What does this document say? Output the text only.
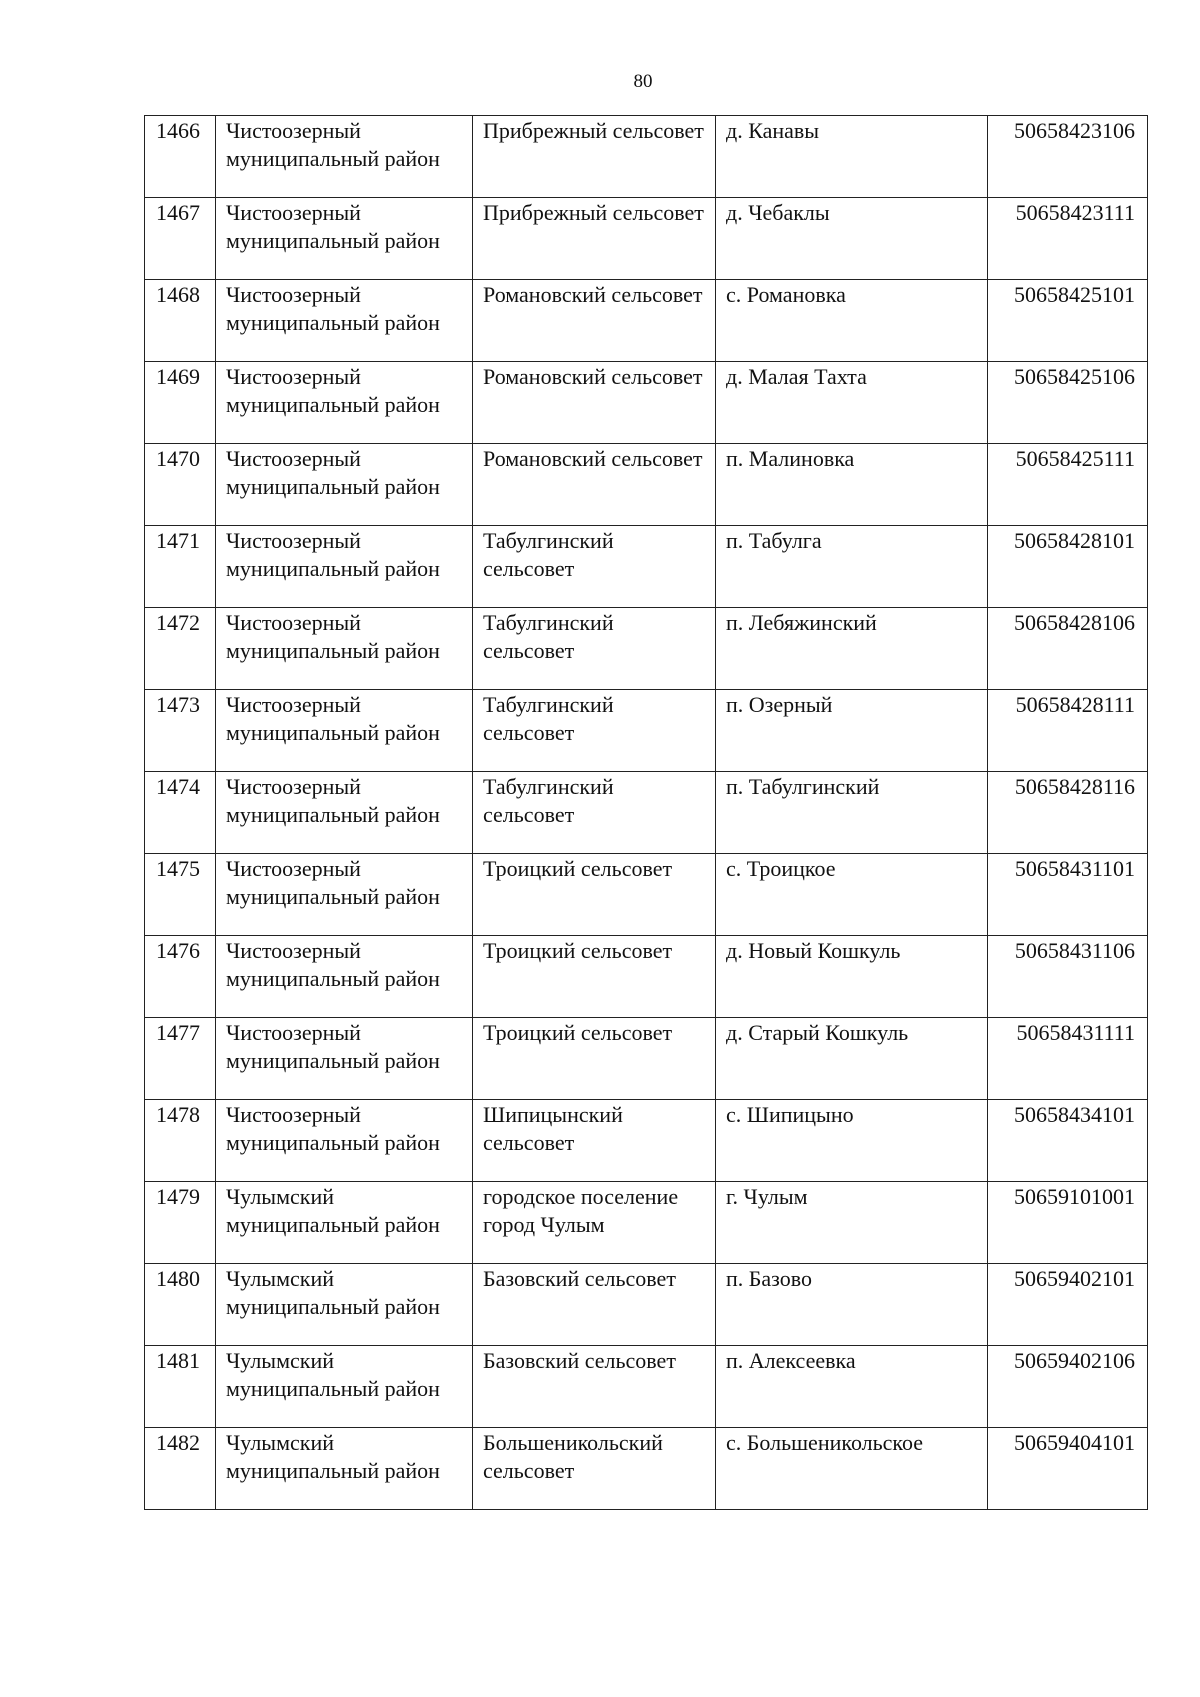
80
1466	Чистоозерный муниципальный район	Прибрежный сельсовет	д. Канавы	50658423106
1467	Чистоозерный муниципальный район	Прибрежный сельсовет	д. Чебаклы	50658423111
1468	Чистоозерный муниципальный район	Романовский сельсовет	с. Романовка	50658425101
1469	Чистоозерный муниципальный район	Романовский сельсовет	д. Малая Тахта	50658425106
1470	Чистоозерный муниципальный район	Романовский сельсовет	п. Малиновка	50658425111
1471	Чистоозерный муниципальный район	Табулгинский сельсовет	п. Табулга	50658428101
1472	Чистоозерный муниципальный район	Табулгинский сельсовет	п. Лебяжинский	50658428106
1473	Чистоозерный муниципальный район	Табулгинский сельсовет	п. Озерный	50658428111
1474	Чистоозерный муниципальный район	Табулгинский сельсовет	п. Табулгинский	50658428116
1475	Чистоозерный муниципальный район	Троицкий сельсовет	с. Троицкое	50658431101
1476	Чистоозерный муниципальный район	Троицкий сельсовет	д. Новый Кошкуль	50658431106
1477	Чистоозерный муниципальный район	Троицкий сельсовет	д. Старый Кошкуль	50658431111
1478	Чистоозерный муниципальный район	Шипицынский сельсовет	с. Шипицыно	50658434101
1479	Чулымский муниципальный район	городское поселение город Чулым	г. Чулым	50659101001
1480	Чулымский муниципальный район	Базовский сельсовет	п. Базово	50659402101
1481	Чулымский муниципальный район	Базовский сельсовет	п. Алексеевка	50659402106
1482	Чулымский муниципальный район	Большеникольский сельсовет	с. Большеникольское	50659404101
